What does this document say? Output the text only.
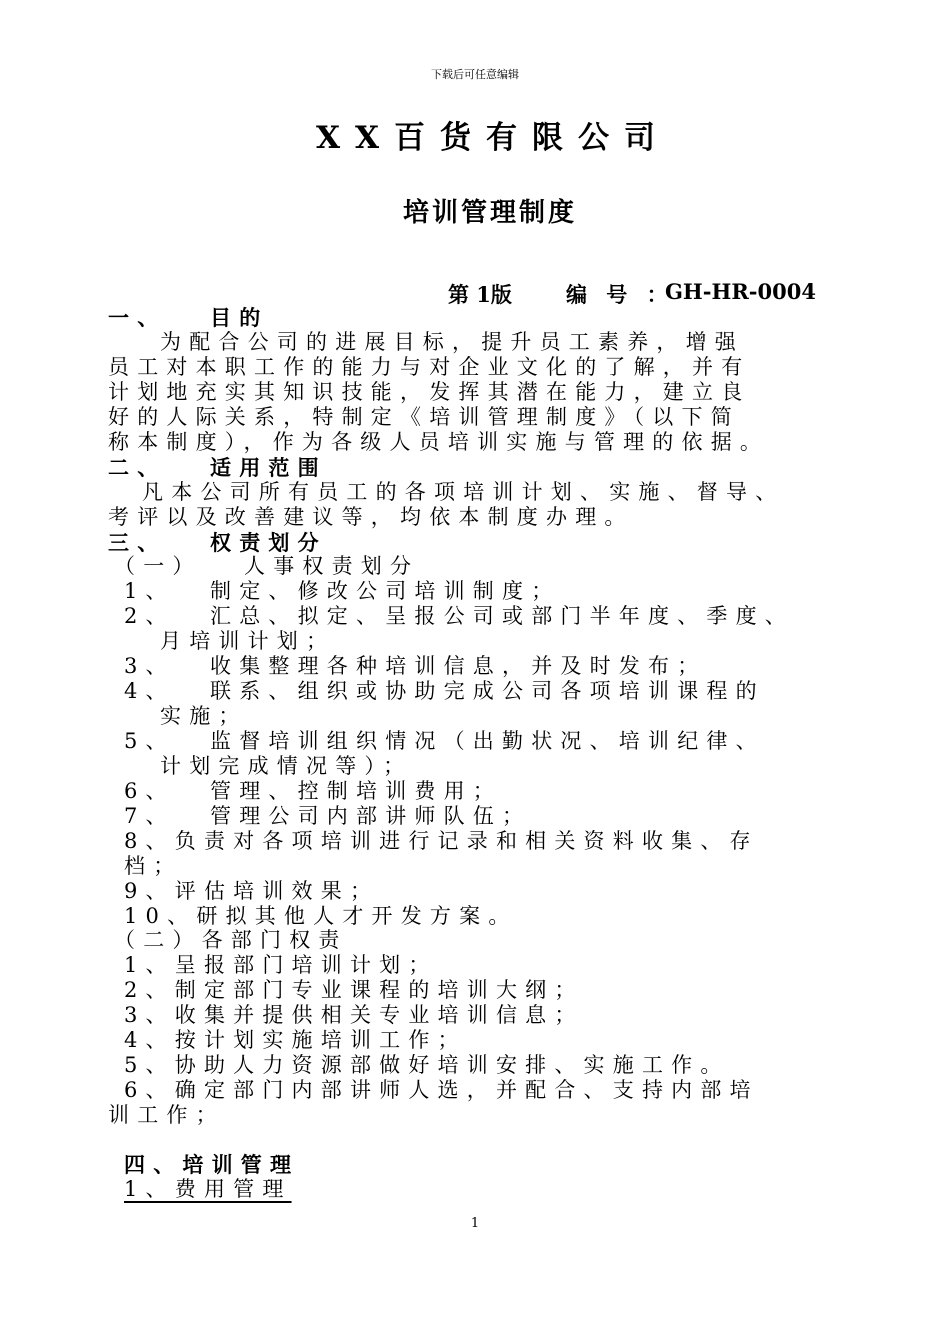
下载后可任意编辑
XX百货有限公司
培训管理制度
第 1版	编 号 ：
GH-HR-0004
一、 目的
为配合公司的进展目标，提升员工素养，增强
员工对本职工作的能力与对企业文化的了解，并有
计划地充实其知识技能，发挥其潜在能力，建立良
好的人际关系，特制定《培训管理制度》（以下简
称本制度），作为各级人员培训实施与管理的依据。
二、 适用范围
凡本公司所有员工的各项培训计划、实施、督导、
考评以及改善建议等，均依本制度办理。
三、 权责划分
（一） 人事权责划分
1、 制定、修改公司培训制度；
2、 汇总、拟定、呈报公司或部门半年度、季度、
月培训计划；
3、 收集整理各种培训信息，并及时发布；
4、 联系、组织或协助完成公司各项培训课程的
实施；
5、 监督培训组织情况（出勤状况、培训纪律、
计划完成情况等）；
6、 管理、控制培训费用；
7、 管理公司内部讲师队伍；
8、负责对各项培训进行记录和相关资料收集、存
档；
9、评估培训效果；
10、研拟其他人才开发方案。
（二）各部门权责
1、呈报部门培训计划；
2、制定部门专业课程的培训大纲；
3、收集并提供相关专业培训信息；
4、按计划实施培训工作；
5、协助人力资源部做好培训安排、实施工作。
6、确定部门内部讲师人选，并配合、支持内部培
训工作；
四、培训管理
1、费用管理
1
